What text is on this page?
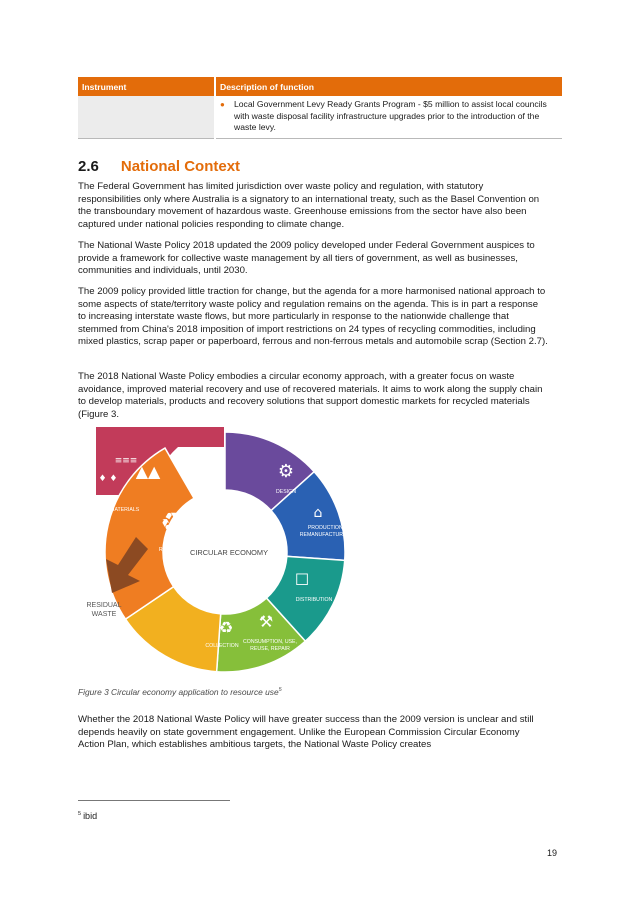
Instrument	Description of function
	● Local Government Levy Ready Grants Program - $5 million to assist local councils with waste disposal facility infrastructure upgrades prior to the introduction of the waste levy.
2.6 National Context

The Federal Government has limited jurisdiction over waste policy and regulation, with statutory responsibilities only where Australia is a signatory to an international treaty, such as the Basel Convention on the transboundary movement of hazardous waste. Greenhouse emissions from the sector have also been captured under national policies responding to climate change.

The National Waste Policy 2018 updated the 2009 policy developed under Federal Government auspices to provide a framework for collective waste management by all tiers of government, as well as businesses, communities and individuals, until 2030.

The 2009 policy provided little traction for change, but the agenda for a more harmonised national approach to some aspects of state/territory waste policy and regulation remains on the agenda. This is in part a response to increasing interstate waste flows, but more particularly in response to the nationwide challenge that stemmed from China's 2018 imposition of import restrictions on 24 types of recycling commodities, including mixed plastics, scrap paper or paperboard, ferrous and non-ferrous metals and automobile scrap (Section 2.7).

The 2018 National Waste Policy embodies a circular economy approach, with a greater focus on waste avoidance, improved material recovery and use of recovered materials. It aims to work along the supply chain to develop materials, products and recovery solutions that support domestic markets for recycled materials (Figure 3.

≡≡≡
♦ ♦ ▲▲	⚙
⌂
☐
⚒
♻
♻
RAW MATERIALS
DESIGN
PRODUCTION,
REMANUFACTURING
DISTRIBUTION
CONSUMPTION, USE,
REUSE, REPAIR
COLLECTION
RECYCLING CIRCULAR ECONOMY
RESIDUAL
WASTE
Figure 3 Circular economy application to resource use$^5$

Whether the 2018 National Waste Policy will have greater success than the 2009 version is unclear and still depends heavily on state government engagement. Unlike the European Commission Circular Economy Action Plan, which establishes ambitious targets, the National Waste Policy creates

$^5$ ibid
19
